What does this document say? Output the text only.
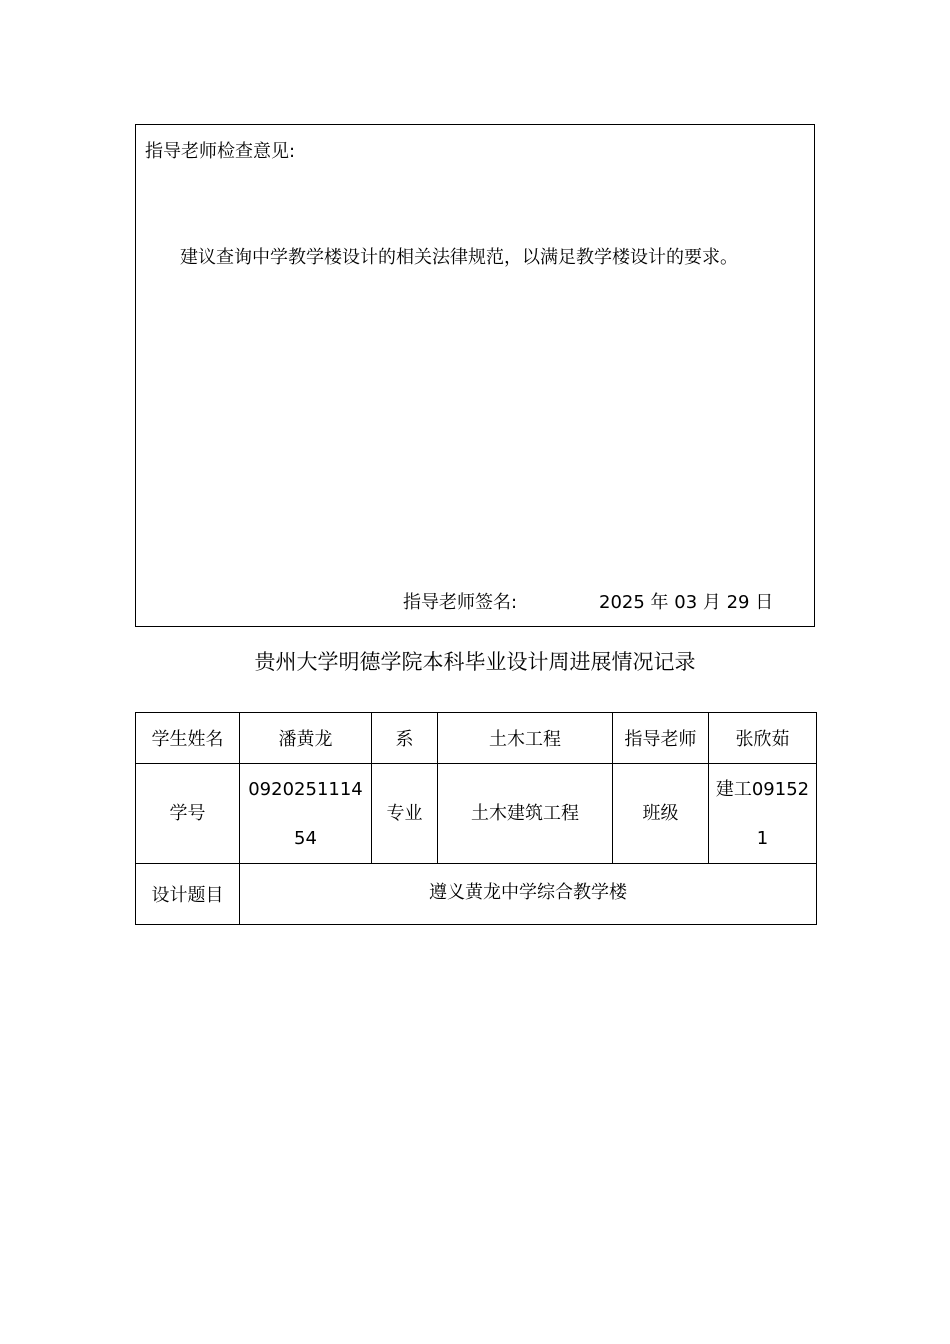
指导老师检查意见:
建议查询中学教学楼设计的相关法律规范，以满足教学楼设计的要求。
指导老师签名:	2025 年 03 月 29 日
贵州大学明德学院本科毕业设计周进展情况记录
学生姓名	潘黄龙	系	土木工程	指导老师	张欣茹
学号	092025111454	专业	土木建筑工程	班级	建工091521
设计题目	遵义黄龙中学综合教学楼				
